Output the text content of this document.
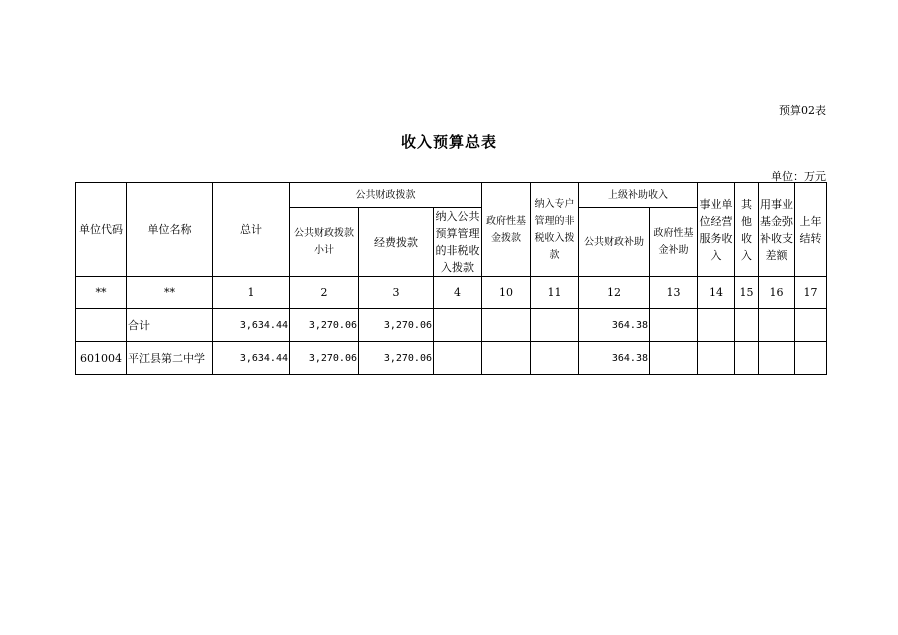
预算02表
收入预算总表
单位：万元
单位代码	单位名称	总计	公共财政拨款			政府性基金拨款	纳入专户管理的非税收入拨款	上级补助收入		事业单位经营服务收入	其他收入	用事业基金弥补收支差额	上年结转
			公共财政拨款小计	经费拨款	纳入公共预算管理的非税收入拨款								
								公共财政补助	政府性基金补助				
**	**	1	2	3	4	10	11	12	13	14	15	16	17
	合计	3,634.44	3,270.06	3,270.06				364.38					
601004	平江县第二中学	3,634.44	3,270.06	3,270.06				364.38					
